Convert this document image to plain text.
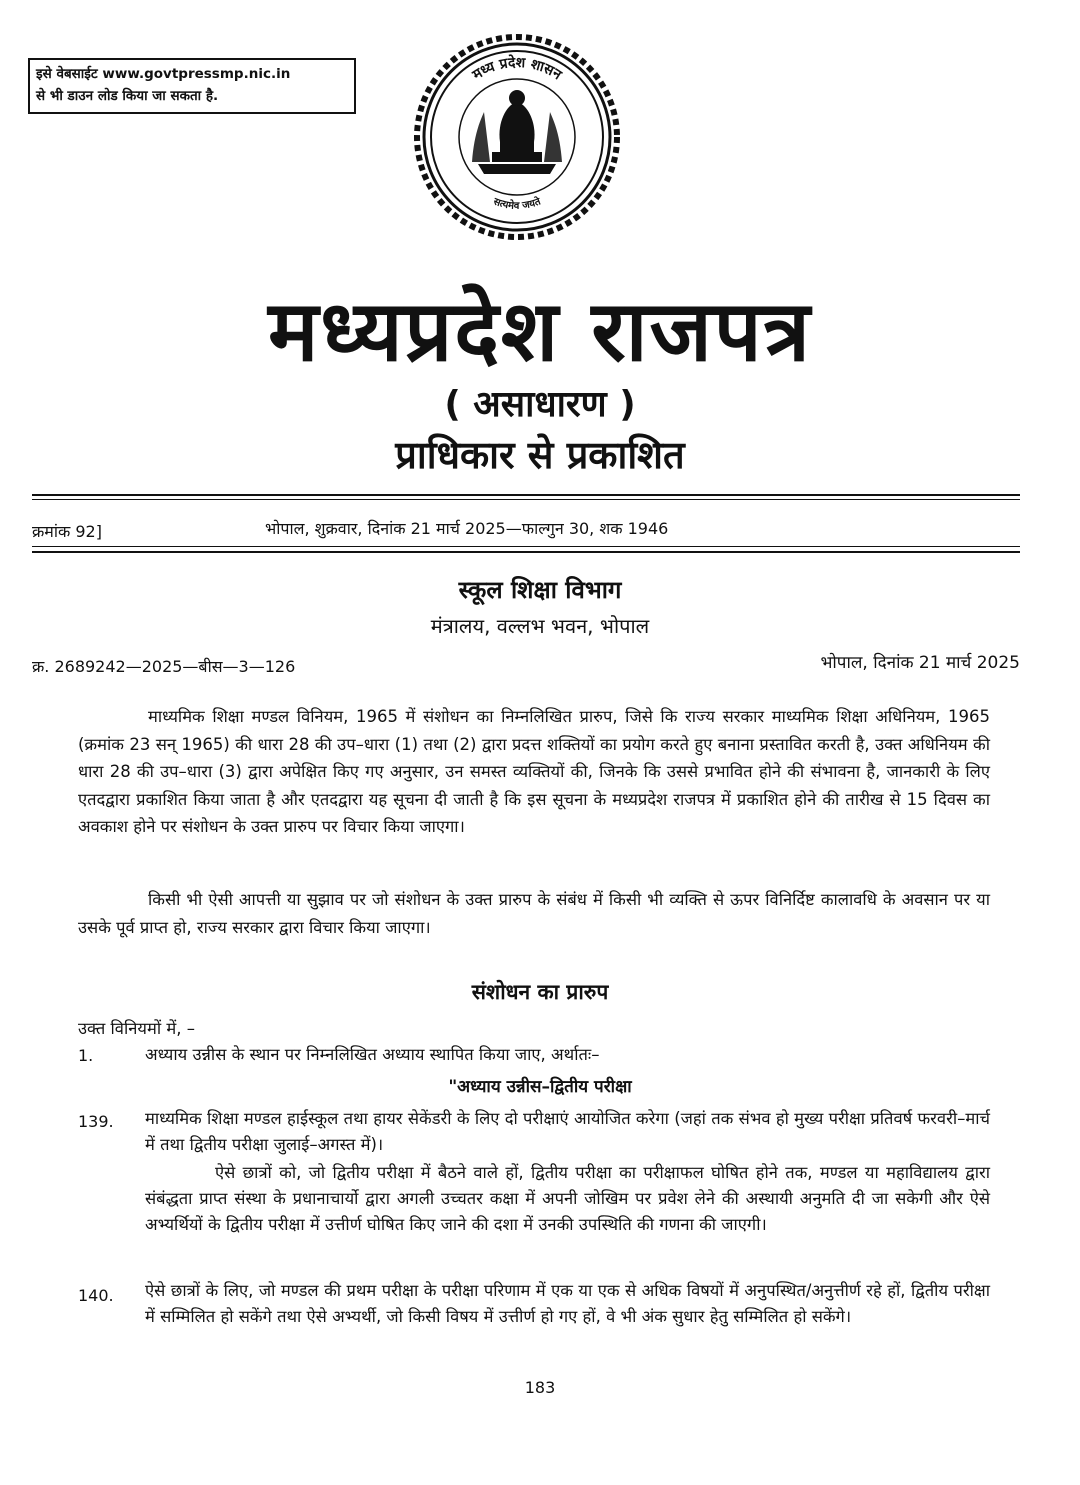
इसे वेबसाईट www.govtpressmp.nic.in
से भी डाउन लोड किया जा सकता है.
मध्य प्रदेश शासन
सत्यमेव जयते
मध्यप्रदेश राजपत्र
( असाधारण )
प्राधिकार से प्रकाशित
क्रमांक 92]	भोपाल, शुक्रवार, दिनांक 21 मार्च 2025—फाल्गुन 30, शक 1946
स्कूल शिक्षा विभाग
मंत्रालय, वल्लभ भवन, भोपाल
क्र. 2689242—2025—बीस—3—126	भोपाल, दिनांक 21 मार्च 2025
माध्यमिक शिक्षा मण्डल विनियम, 1965 में संशोधन का निम्नलिखित प्रारुप, जिसे कि राज्य सरकार माध्यमिक शिक्षा अधिनियम, 1965 (क्रमांक 23 सन् 1965) की धारा 28 की उप–धारा (1) तथा (2) द्वारा प्रदत्त शक्तियों का प्रयोग करते हुए बनाना प्रस्तावित करती है, उक्त अधिनियम की धारा 28 की उप–धारा (3) द्वारा अपेक्षित किए गए अनुसार, उन समस्त व्यक्तियों की, जिनके कि उससे प्रभावित होने की संभावना है, जानकारी के लिए एतदद्वारा प्रकाशित किया जाता है और एतदद्वारा यह सूचना दी जाती है कि इस सूचना के मध्यप्रदेश राजपत्र में प्रकाशित होने की तारीख से 15 दिवस का अवकाश होने पर संशोधन के उक्त प्रारुप पर विचार किया जाएगा।
किसी भी ऐसी आपत्ती या सुझाव पर जो संशोधन के उक्त प्रारुप के संबंध में किसी भी व्यक्ति से ऊपर विनिर्दिष्ट कालावधि के अवसान पर या उसके पूर्व प्राप्त हो, राज्य सरकार द्वारा विचार किया जाएगा।
संशोधन का प्रारुप
उक्त विनियमों में, –
1.	अध्याय उन्नीस के स्थान पर निम्नलिखित अध्याय स्थापित किया जाए, अर्थातः–
"अध्याय उन्नीस–द्वितीय परीक्षा
139. माध्यमिक शिक्षा मण्डल हाईस्कूल तथा हायर सेकेंडरी के लिए दो परीक्षाएं आयोजित करेगा (जहां तक संभव हो मुख्य परीक्षा प्रतिवर्ष फरवरी–मार्च में तथा द्वितीय परीक्षा जुलाई–अगस्त में)।
ऐसे छात्रों को, जो द्वितीय परीक्षा में बैठने वाले हों, द्वितीय परीक्षा का परीक्षाफल घोषित होने तक, मण्डल या महाविद्यालय द्वारा संबंद्धता प्राप्त संस्था के प्रधानाचार्यो द्वारा अगली उच्चतर कक्षा में अपनी जोखिम पर प्रवेश लेने की अस्थायी अनुमति दी जा सकेगी और ऐसे अभ्यर्थियों के द्वितीय परीक्षा में उत्तीर्ण घोषित किए जाने की दशा में उनकी उपस्थिति की गणना की जाएगी।
140. ऐसे छात्रों के लिए, जो मण्डल की प्रथम परीक्षा के परीक्षा परिणाम में एक या एक से अधिक विषयों में अनुपस्थित/अनुत्तीर्ण रहे हों, द्वितीय परीक्षा में सम्मिलित हो सकेंगे तथा ऐसे अभ्यर्थी, जो किसी विषय में उत्तीर्ण हो गए हों, वे भी अंक सुधार हेतु सम्मिलित हो सकेंगे।
183
